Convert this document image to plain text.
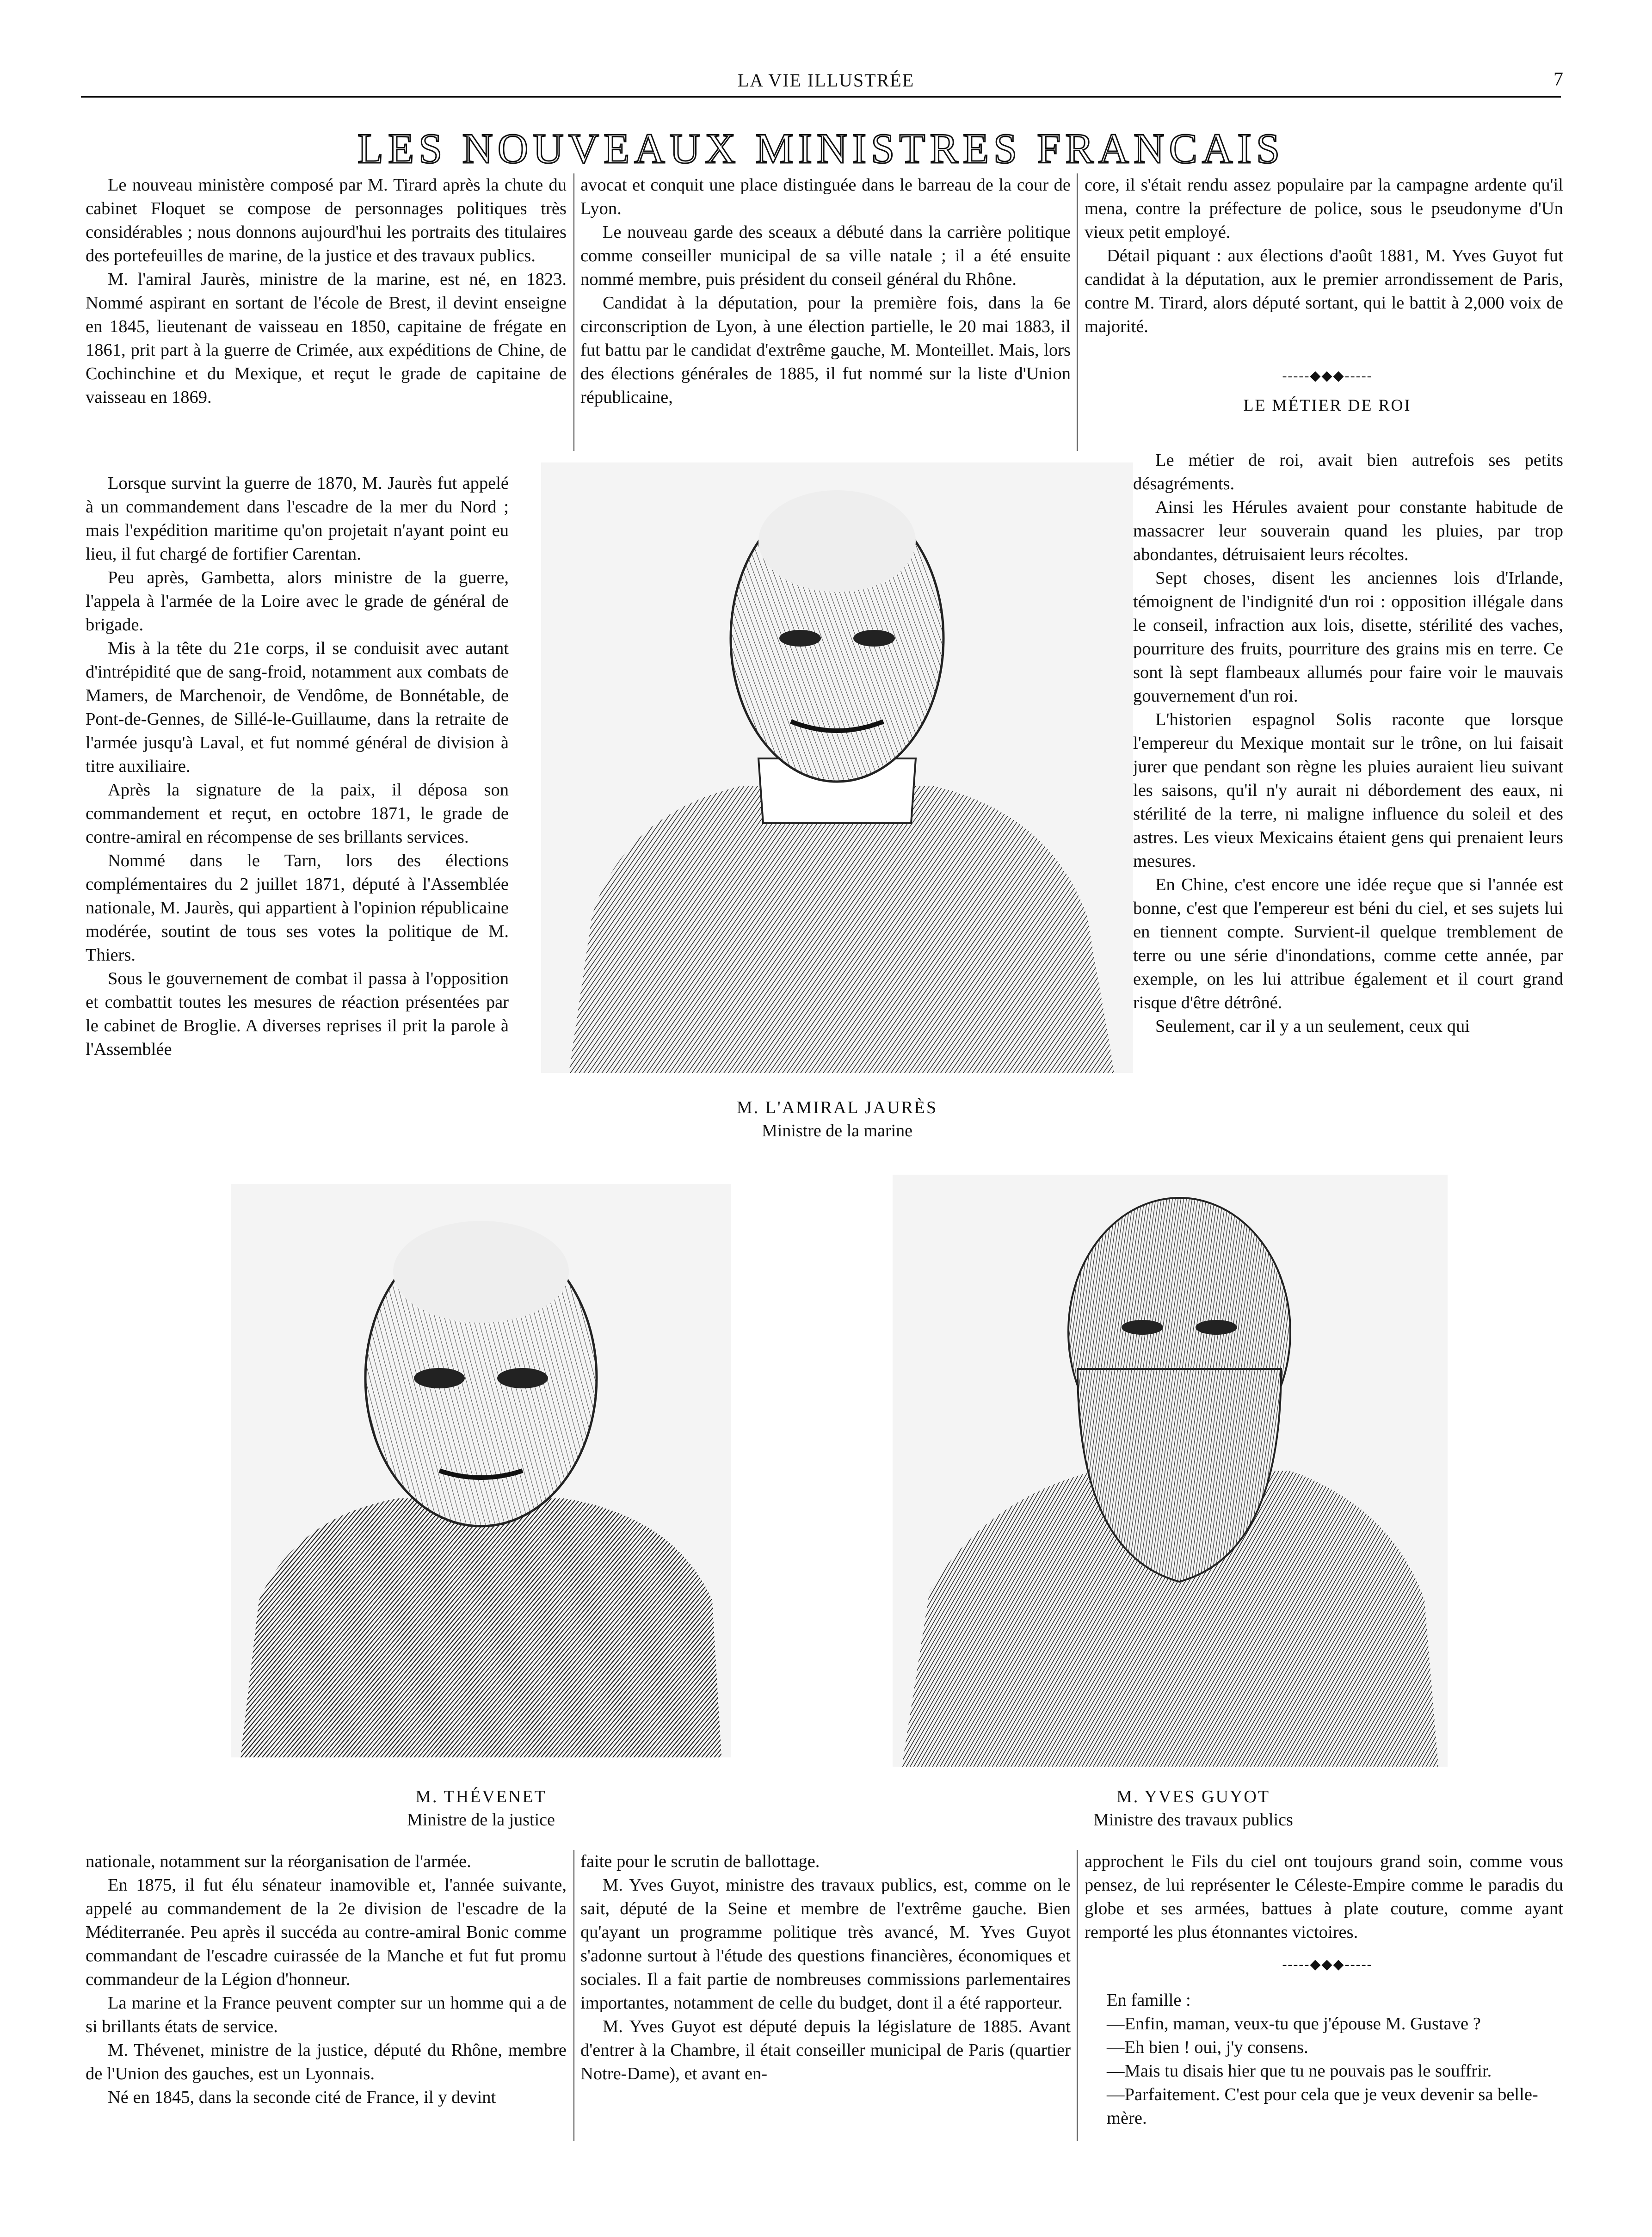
LA VIE ILLUSTRÉE	7
LES NOUVEAUX MINISTRES FRANCAIS

Le nouveau ministère composé par M. Tirard après la chute du cabinet Floquet se compose de personnages politiques très considérables ; nous donnons aujourd'hui les portraits des titulaires des portefeuilles de marine, de la justice et des travaux publics.

M. l'amiral Jaurès, ministre de la marine, est né, en 1823. Nommé aspirant en sortant de l'école de Brest, il devint enseigne en 1845, lieutenant de vaisseau en 1850, capitaine de frégate en 1861, prit part à la guerre de Crimée, aux expéditions de Chine, de Cochinchine et du Mexique, et reçut le grade de capitaine de vaisseau en 1869.

Lorsque survint la guerre de 1870, M. Jaurès fut appelé à un commandement dans l'escadre de la mer du Nord ; mais l'expédition maritime qu'on projetait n'ayant point eu lieu, il fut chargé de fortifier Carentan.

Peu après, Gambetta, alors ministre de la guerre, l'appela à l'armée de la Loire avec le grade de général de brigade.

Mis à la tête du 21e corps, il se conduisit avec autant d'intrépidité que de sang-froid, notamment aux combats de Mamers, de Marchenoir, de Vendôme, de Bonnétable, de Pont-de-Gennes, de Sillé-le-Guillaume, dans la retraite de l'armée jusqu'à Laval, et fut nommé général de division à titre auxiliaire.

Après la signature de la paix, il déposa son commandement et reçut, en octobre 1871, le grade de contre-amiral en récompense de ses brillants services.

Nommé dans le Tarn, lors des élections complémentaires du 2 juillet 1871, député à l'Assemblée nationale, M. Jaurès, qui appartient à l'opinion républicaine modérée, soutint de tous ses votes la politique de M. Thiers.

Sous le gouvernement de combat il passa à l'opposition et combattit toutes les mesures de réaction présentées par le cabinet de Broglie. A diverses reprises il prit la parole à l'Assemblée

avocat et conquit une place distinguée dans le barreau de la cour de Lyon.

Le nouveau garde des sceaux a débuté dans la carrière politique comme conseiller municipal de sa ville natale ; il a été ensuite nommé membre, puis président du conseil général du Rhône.

Candidat à la députation, pour la première fois, dans la 6e circonscription de Lyon, à une élection partielle, le 20 mai 1883, il fut battu par le candidat d'extrême gauche, M. Monteillet. Mais, lors des élections générales de 1885, il fut nommé sur la liste d'Union républicaine,

core, il s'était rendu assez populaire par la campagne ardente qu'il mena, contre la préfecture de police, sous le pseudonyme d'Un vieux petit employé.

Détail piquant : aux élections d'août 1881, M. Yves Guyot fut candidat à la députation, aux le premier arrondissement de Paris, contre M. Tirard, alors député sortant, qui le battit à 2,000 voix de majorité.

-----◆◆◆-----
LE MÉTIER DE ROI

Le métier de roi, avait bien autrefois ses petits désagréments.

Ainsi les Hérules avaient pour constante habitude de massacrer leur souverain quand les pluies, par trop abondantes, détruisaient leurs récoltes.

Sept choses, disent les anciennes lois d'Irlande, témoignent de l'indignité d'un roi : opposition illégale dans le conseil, infraction aux lois, disette, stérilité des vaches, pourriture des fruits, pourriture des grains mis en terre. Ce sont là sept flambeaux allumés pour faire voir le mauvais gouvernement d'un roi.

L'historien espagnol Solis raconte que lorsque l'empereur du Mexique montait sur le trône, on lui faisait jurer que pendant son règne les pluies auraient lieu suivant les saisons, qu'il n'y aurait ni débordement des eaux, ni stérilité de la terre, ni maligne influence du soleil et des astres. Les vieux Mexicains étaient gens qui prenaient leurs mesures.

En Chine, c'est encore une idée reçue que si l'année est bonne, c'est que l'empereur est béni du ciel, et ses sujets lui en tiennent compte. Survient-il quelque tremblement de terre ou une série d'inondations, comme cette année, par exemple, on les lui attribue également et il court grand risque d'être détrôné.

Seulement, car il y a un seulement, ceux qui

M. L'AMIRAL JAURÈS
Ministre de la marine
M. THÉVENET
Ministre de la justice
M. YVES GUYOT
Ministre des travaux publics

nationale, notamment sur la réorganisation de l'armée.

En 1875, il fut élu sénateur inamovible et, l'année suivante, appelé au commandement de la 2e division de l'escadre de la Méditerranée. Peu après il succéda au contre-amiral Bonic comme commandant de l'escadre cuirassée de la Manche et fut fut promu commandeur de la Légion d'honneur.

La marine et la France peuvent compter sur un homme qui a de si brillants états de service.

M. Thévenet, ministre de la justice, député du Rhône, membre de l'Union des gauches, est un Lyonnais.

Né en 1845, dans la seconde cité de France, il y devint

faite pour le scrutin de ballottage.

M. Yves Guyot, ministre des travaux publics, est, comme on le sait, député de la Seine et membre de l'extrême gauche. Bien qu'ayant un programme politique très avancé, M. Yves Guyot s'adonne surtout à l'étude des questions financières, économiques et sociales. Il a fait partie de nombreuses commissions parlementaires importantes, notamment de celle du budget, dont il a été rapporteur.

M. Yves Guyot est député depuis la législature de 1885. Avant d'entrer à la Chambre, il était conseiller municipal de Paris (quartier Notre-Dame), et avant en-

approchent le Fils du ciel ont toujours grand soin, comme vous pensez, de lui représenter le Céleste-Empire comme le paradis du globe et ses armées, battues à plate couture, comme ayant remporté les plus étonnantes victoires.

-----◆◆◆-----
En famille :
—Enfin, maman, veux-tu que j'épouse M. Gustave ?
—Eh bien ! oui, j'y consens.
—Mais tu disais hier que tu ne pouvais pas le souffrir.
—Parfaitement. C'est pour cela que je veux devenir sa belle-mère.
